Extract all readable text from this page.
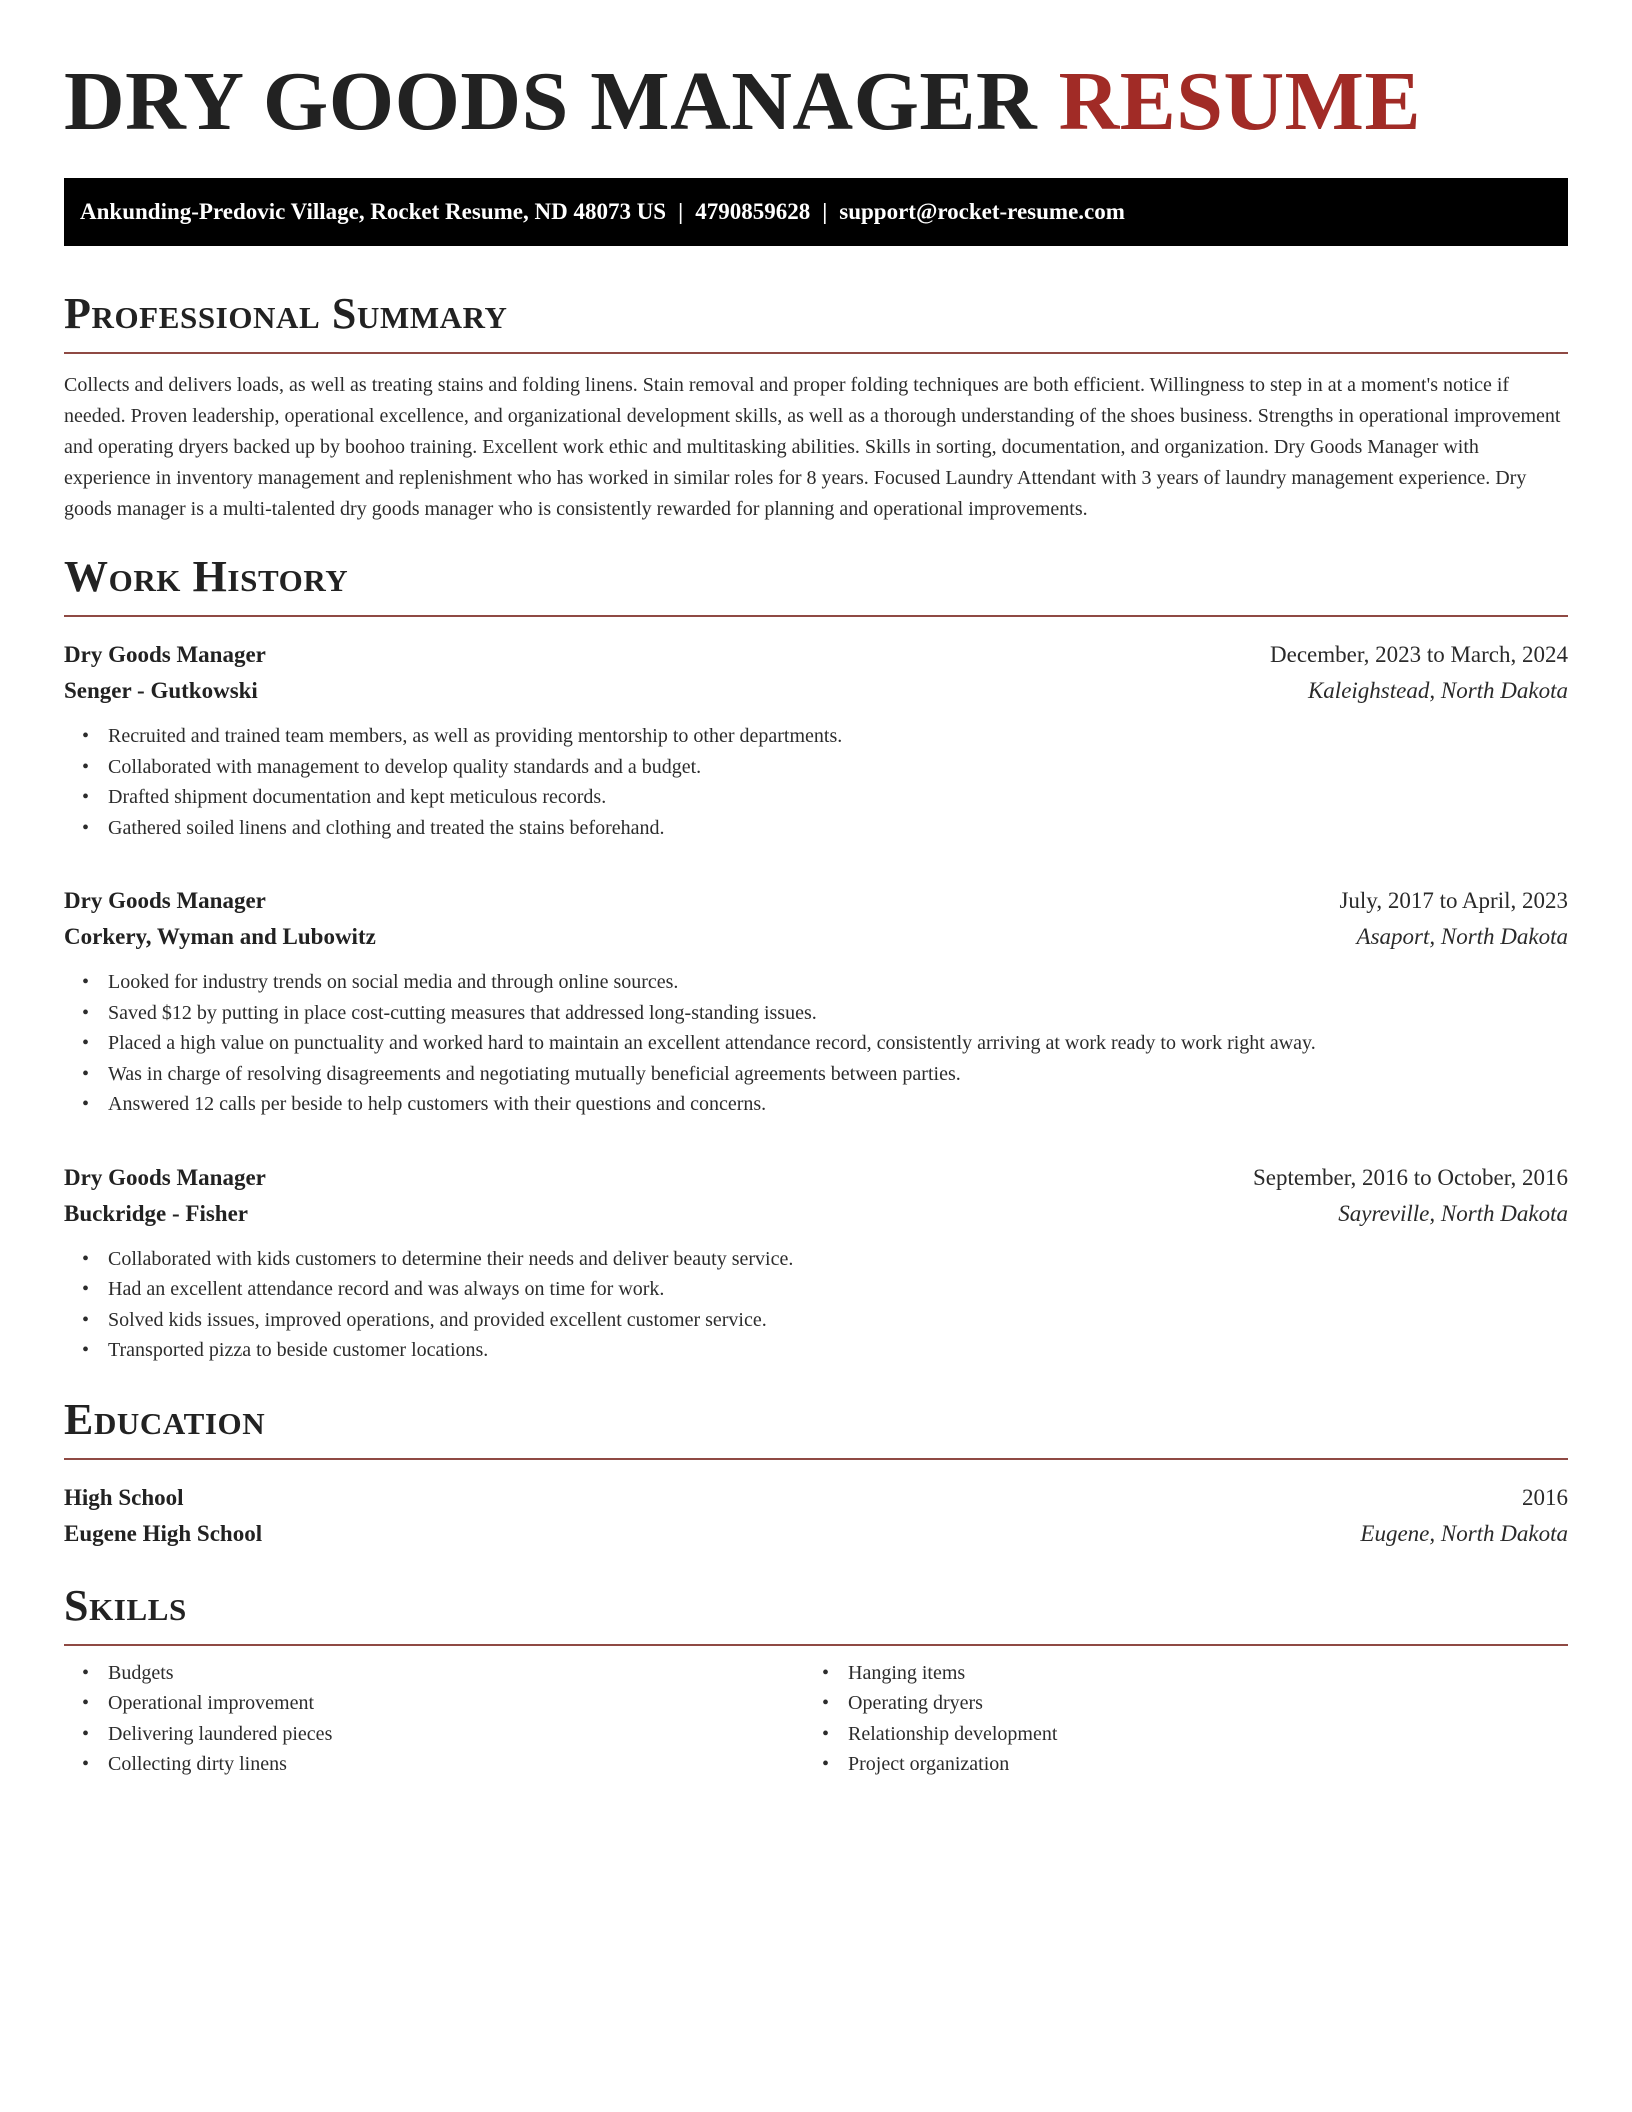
DRY GOODS MANAGER RESUME
Ankunding-Predovic Village, Rocket Resume, ND 48073 US | 4790859628 | support@rocket-resume.com
Professional Summary

Collects and delivers loads, as well as treating stains and folding linens. Stain removal and proper folding techniques are both efficient. Willingness to step in at a moment's notice if needed. Proven leadership, operational excellence, and organizational development skills, as well as a thorough understanding of the shoes business. Strengths in operational improvement and operating dryers backed up by boohoo training. Excellent work ethic and multitasking abilities. Skills in sorting, documentation, and organization. Dry Goods Manager with experience in inventory management and replenishment who has worked in similar roles for 8 years. Focused Laundry Attendant with 3 years of laundry management experience. Dry goods manager is a multi-talented dry goods manager who is consistently rewarded for planning and operational improvements.

Work History
Dry Goods Manager	December, 2023 to March, 2024
Senger - Gutkowski	Kaleighstead, North Dakota
• Recruited and trained team members, as well as providing mentorship to other departments.
• Collaborated with management to develop quality standards and a budget.
• Drafted shipment documentation and kept meticulous records.
• Gathered soiled linens and clothing and treated the stains beforehand.
Dry Goods Manager	July, 2017 to April, 2023
Corkery, Wyman and Lubowitz	Asaport, North Dakota
• Looked for industry trends on social media and through online sources.
• Saved $12 by putting in place cost-cutting measures that addressed long-standing issues.
• Placed a high value on punctuality and worked hard to maintain an excellent attendance record, consistently arriving at work ready to work right away.
• Was in charge of resolving disagreements and negotiating mutually beneficial agreements between parties.
• Answered 12 calls per beside to help customers with their questions and concerns.
Dry Goods Manager	September, 2016 to October, 2016
Buckridge - Fisher	Sayreville, North Dakota
• Collaborated with kids customers to determine their needs and deliver beauty service.
• Had an excellent attendance record and was always on time for work.
• Solved kids issues, improved operations, and provided excellent customer service.
• Transported pizza to beside customer locations.
Education
High School	2016
Eugene High School	Eugene, North Dakota
Skills
• Budgets
• Operational improvement
• Delivering laundered pieces
• Collecting dirty linens
• Hanging items
• Operating dryers
• Relationship development
• Project organization
